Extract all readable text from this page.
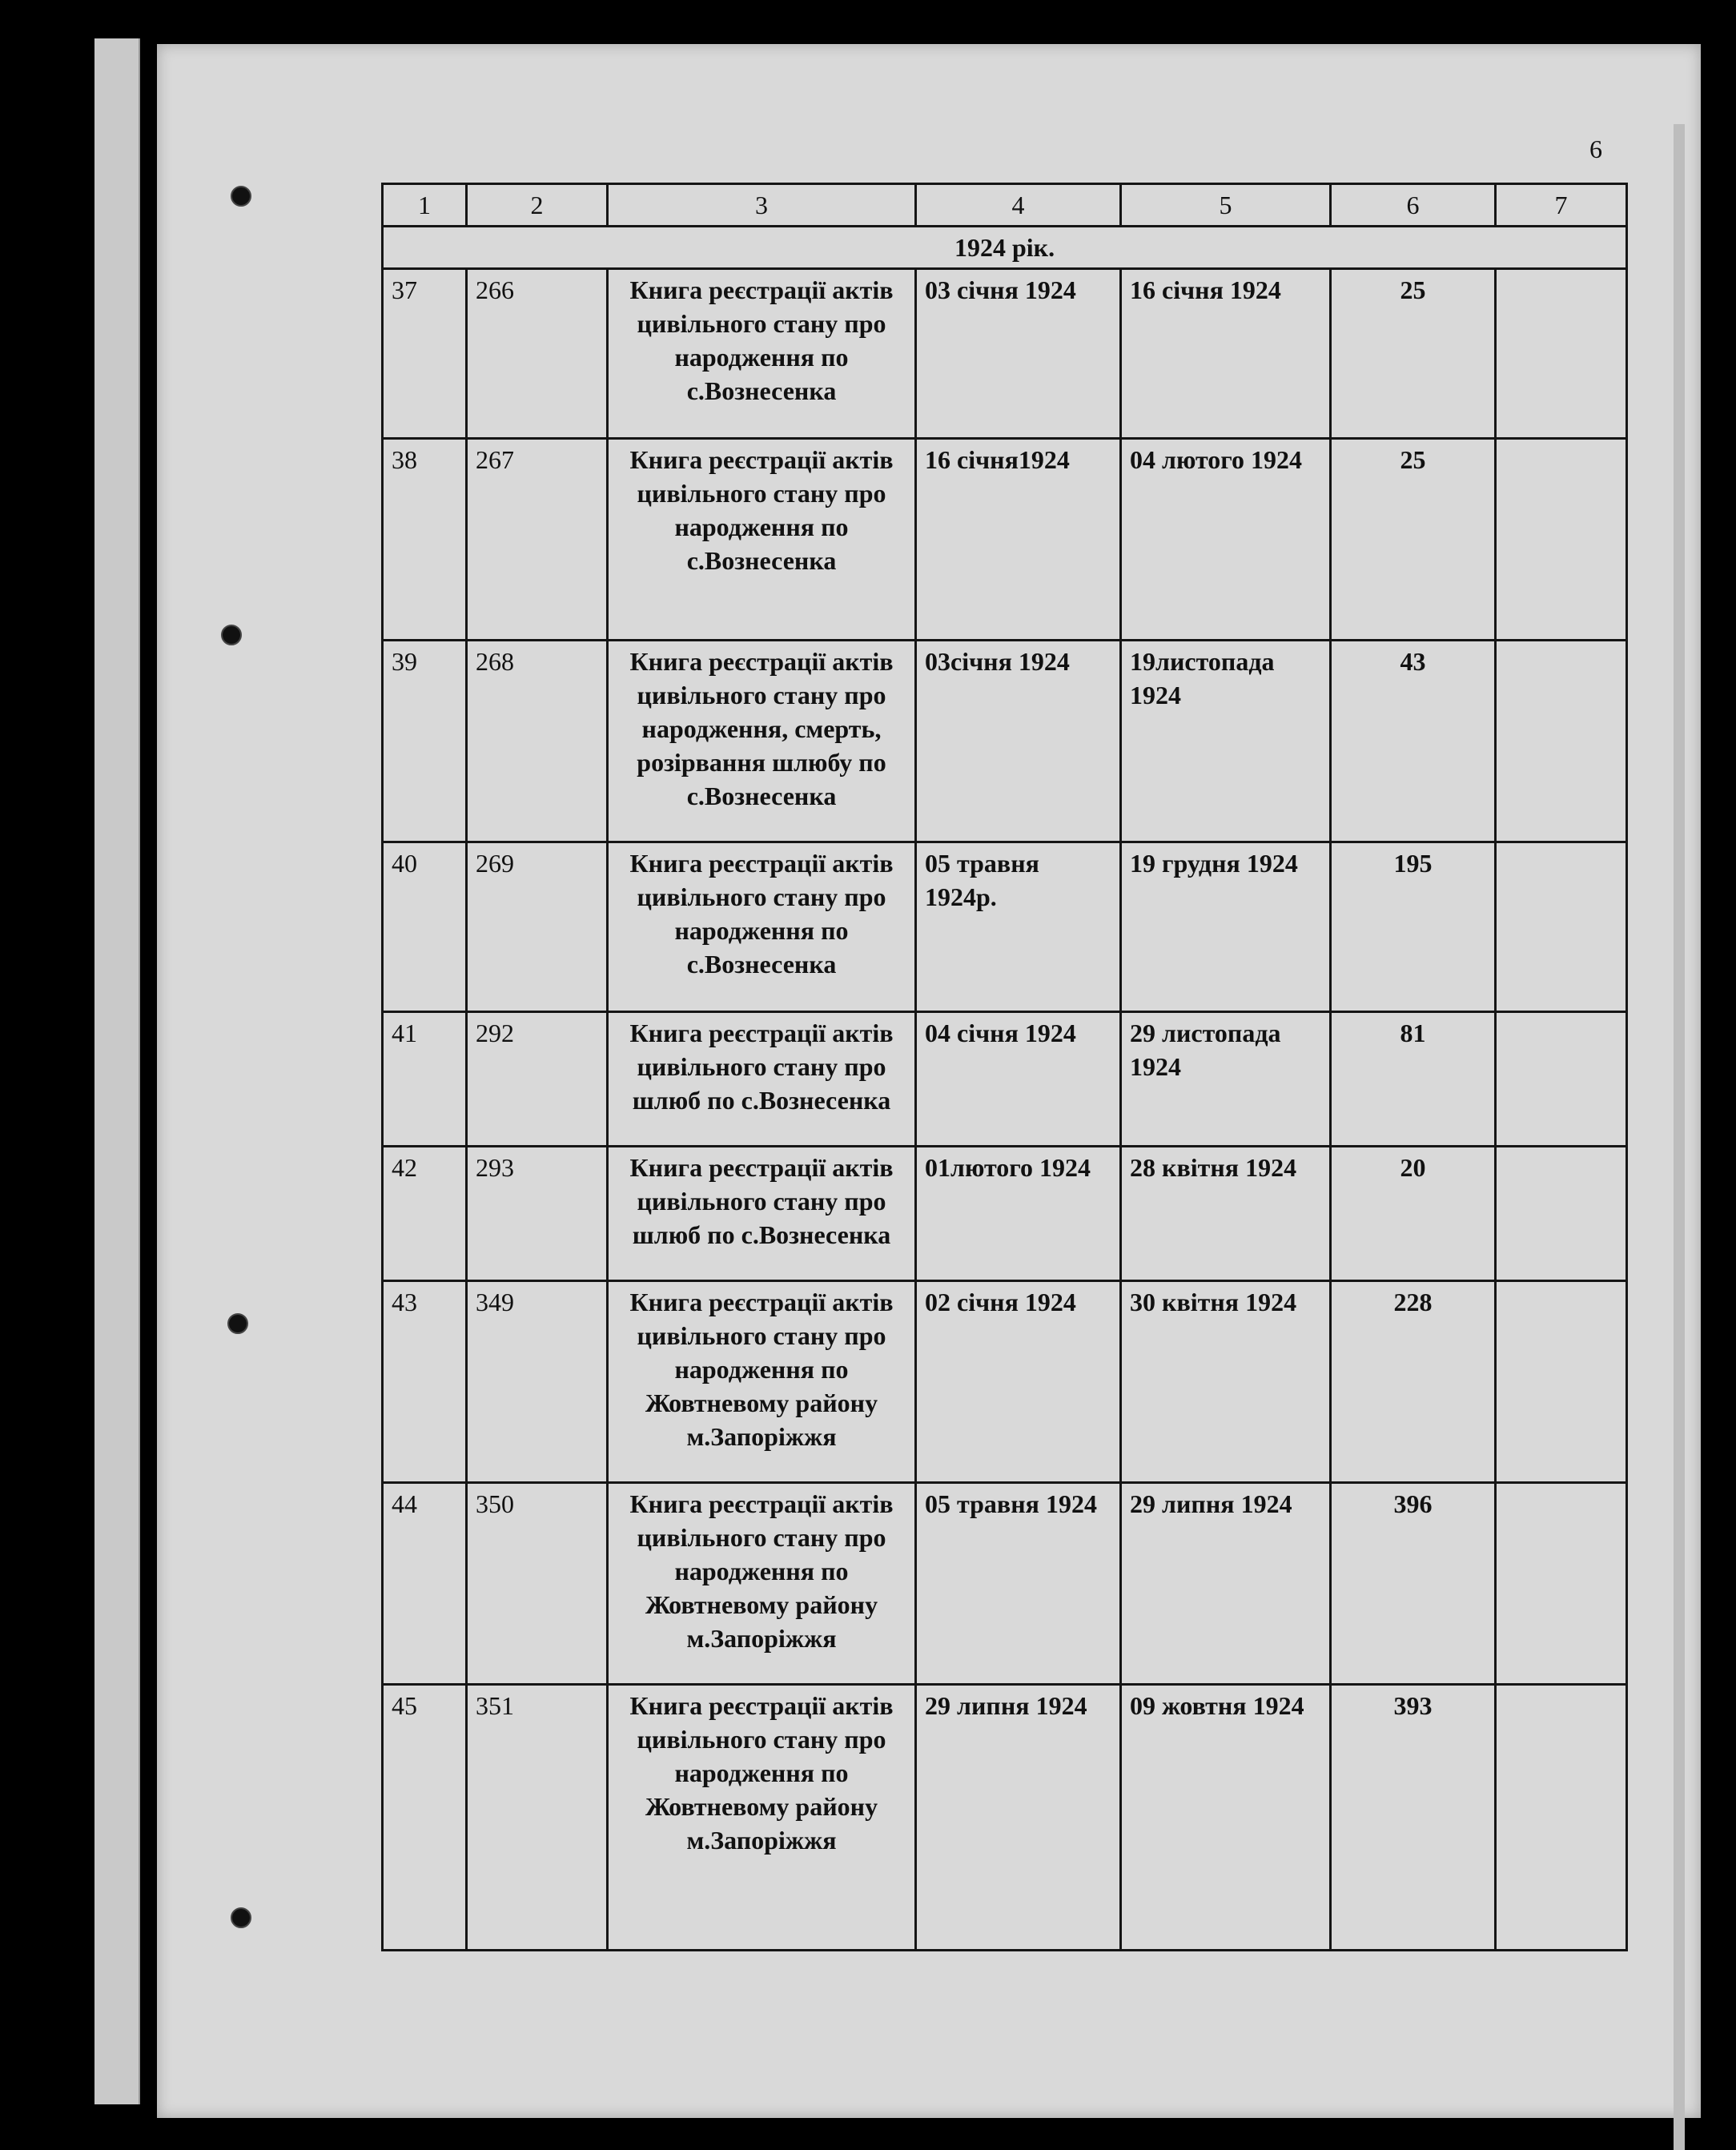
6
1	2	3	4	5	6	7
1924 рік.						
37	266	Книга реєстрації актів цивільного стану про народження по с.Вознесенка	03 січня 1924	16 січня 1924	25	
38	267	Книга реєстрації актів цивільного стану про народження по с.Вознесенка	16 січня1924	04 лютого 1924	25	
39	268	Книга реєстрації актів цивільного стану про народження, смерть, розірвання шлюбу по с.Вознесенка	03січня 1924	19листопада 1924	43	
40	269	Книга реєстрації актів цивільного стану про народження по с.Вознесенка	05 травня 1924р.	19 грудня 1924	195	
41	292	Книга реєстрації актів цивільного стану про шлюб по с.Вознесенка	04 січня 1924	29 листопада 1924	81	
42	293	Книга реєстрації актів цивільного стану про шлюб по с.Вознесенка	01лютого 1924	28 квітня 1924	20	
43	349	Книга реєстрації актів цивільного стану про народження по Жовтневому району м.Запоріжжя	02 січня 1924	30 квітня 1924	228	
44	350	Книга реєстрації актів цивільного стану про народження по Жовтневому району м.Запоріжжя	05 травня 1924	29 липня 1924	396	
45	351	Книга реєстрації актів цивільного стану про народження по Жовтневому району м.Запоріжжя	29 липня 1924	09 жовтня 1924	393	
